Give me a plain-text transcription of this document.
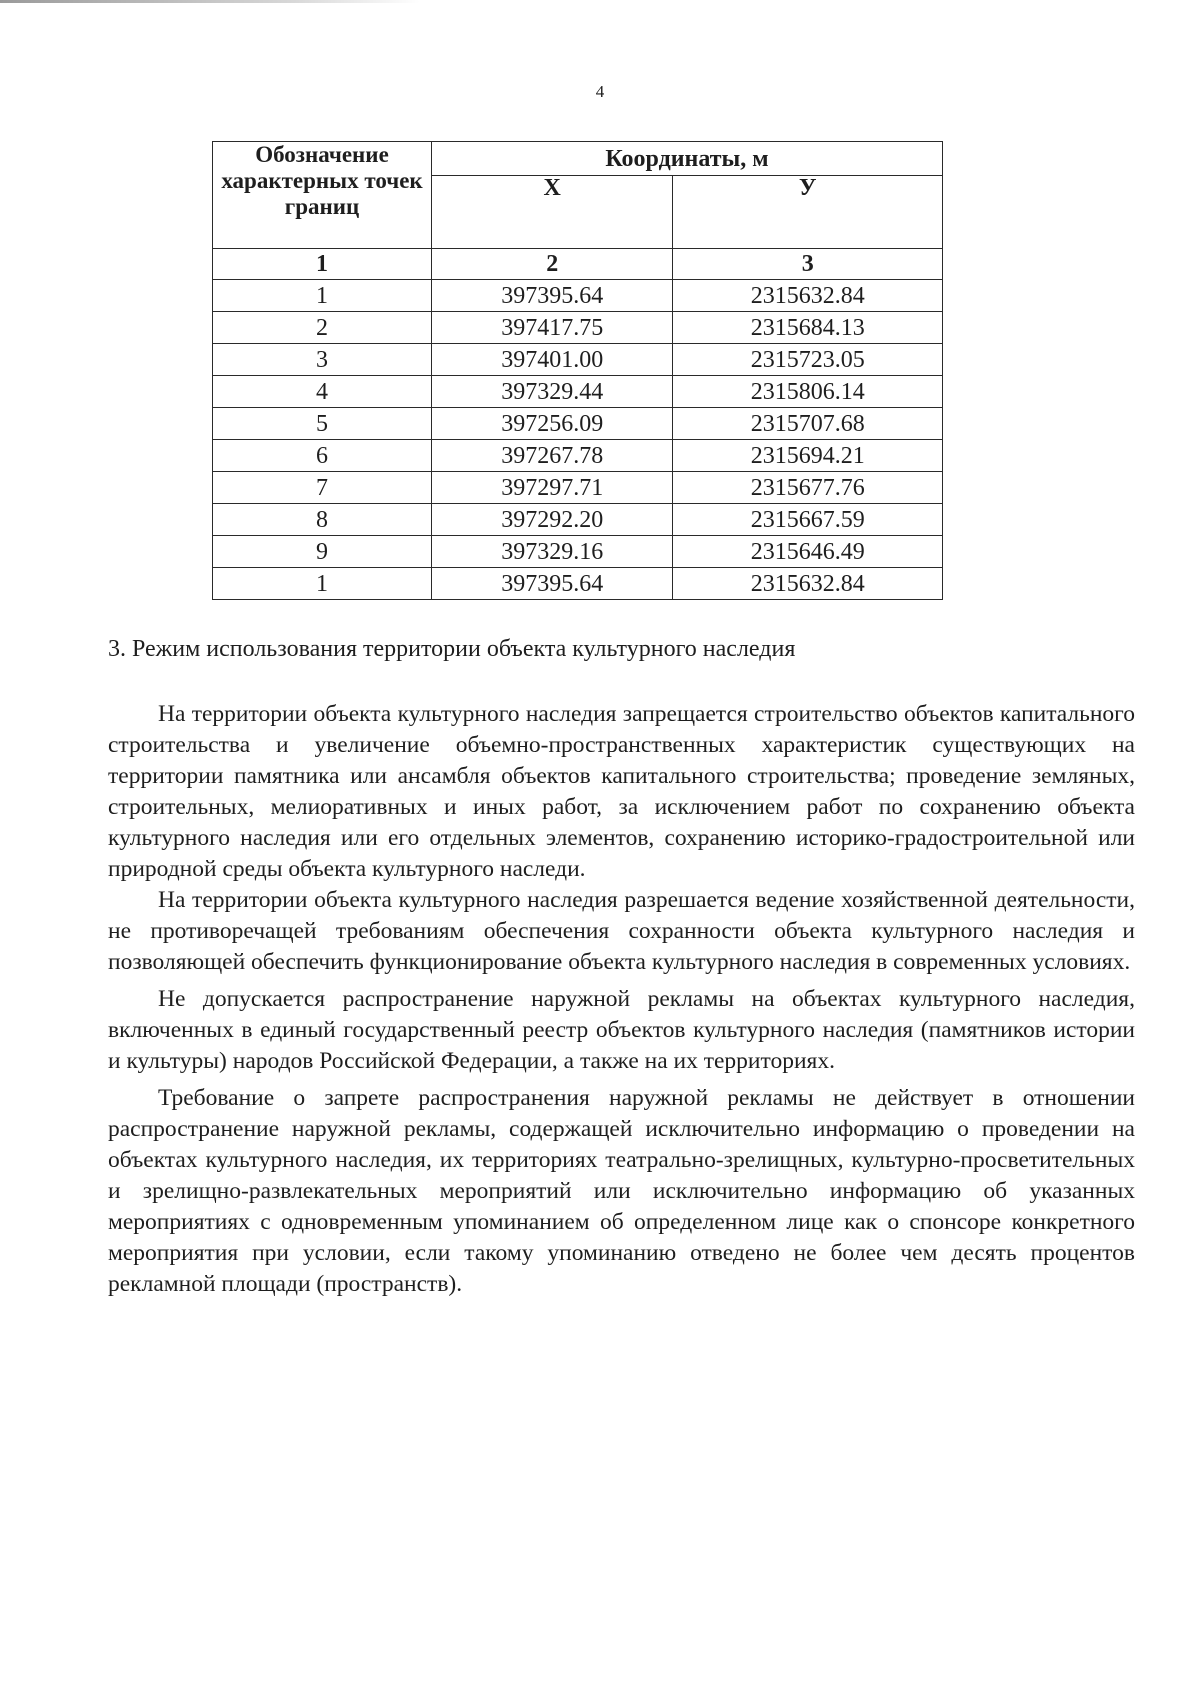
4
Обозначение характерных точек границ	Координаты, м	
	X	У
1	2	3
1	397395.64	2315632.84
2	397417.75	2315684.13
3	397401.00	2315723.05
4	397329.44	2315806.14
5	397256.09	2315707.68
6	397267.78	2315694.21
7	397297.71	2315677.76
8	397292.20	2315667.59
9	397329.16	2315646.49
1	397395.64	2315632.84
3. Режим использования территории объекта культурного наследия

На территории объекта культурного наследия запрещается строительство объектов капитального строительства и увеличение объемно-пространственных характеристик существующих на территории памятника или ансамбля объектов капитального строительства; проведение земляных, строительных, мелиоративных и иных работ, за исключением работ по сохранению объекта культурного наследия или его отдельных элементов, сохранению историко-градостроительной или природной среды объекта культурного наследи.

На территории объекта культурного наследия разрешается ведение хозяйственной деятельности, не противоречащей требованиям обеспечения сохранности объекта культурного наследия и позволяющей обеспечить функционирование объекта культурного наследия в современных условиях.

Не допускается распространение наружной рекламы на объектах культурного наследия, включенных в единый государственный реестр объектов культурного наследия (памятников истории и культуры) народов Российской Федерации, а также на их территориях.

Требование о запрете распространения наружной рекламы не действует в отношении распространение наружной рекламы, содержащей исключительно информацию о проведении на объектах культурного наследия, их территориях театрально-зрелищных, культурно-просветительных и зрелищно-развлекательных мероприятий или исключительно информацию об указанных мероприятиях с одновременным упоминанием об определенном лице как о спонсоре конкретного мероприятия при условии, если такому упоминанию отведено не более чем десять процентов рекламной площади (пространств).
